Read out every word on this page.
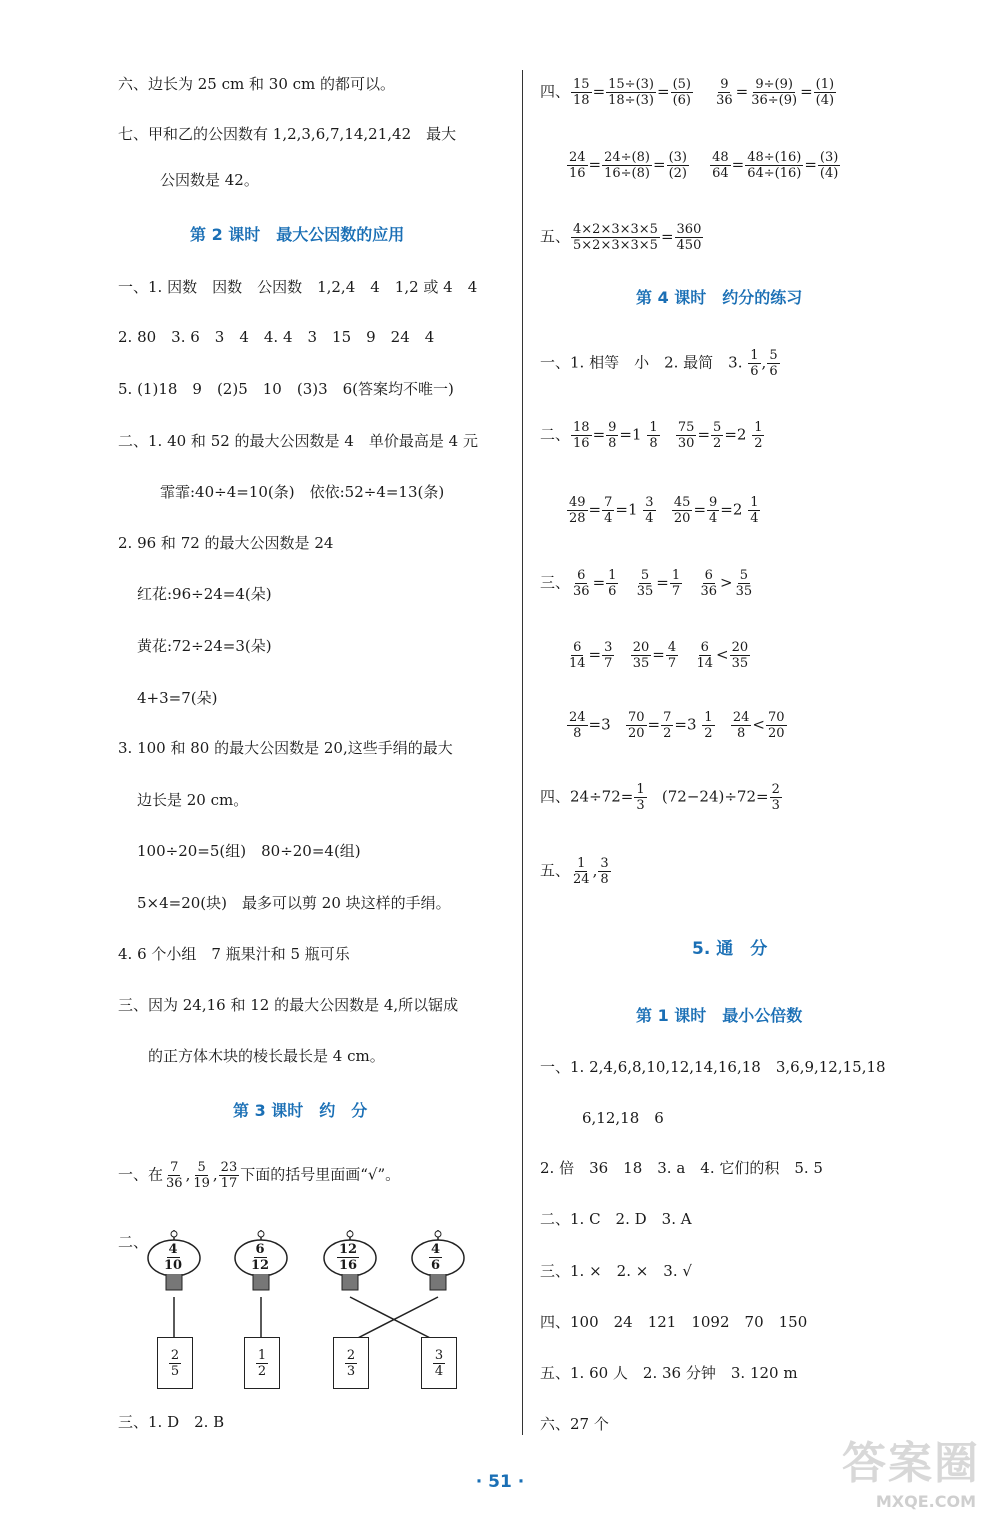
六、边长为 25 cm 和 30 cm 的都可以。
七、甲和乙的公因数有 1,2,3,6,7,14,21,42　最大
公因数是 42。
第 2 课时　最大公因数的应用
一、1. 因数　因数　公因数　1,2,4　4　1,2 或 4　4
2. 80　3. 6　3　4　4. 4　3　15　9　24　4
5. (1)18　9　(2)5　10　(3)3　6(答案均不唯一)
二、1. 40 和 52 的最大公因数是 4　单价最高是 4 元
霏霏:40÷4=10(条)　依依:52÷4=13(条)
2. 96 和 72 的最大公因数是 24
红花:96÷24=4(朵)
黄花:72÷24=3(朵)
4+3=7(朵)
3. 100 和 80 的最大公因数是 20,这些手绢的最大
边长是 20 cm。
100÷20=5(组)　80÷20=4(组)
5×4=20(块)　最多可以剪 20 块这样的手绢。
4. 6 个小组　7 瓶果汁和 5 瓶可乐
三、因为 24,16 和 12 的最大公因数是 4,所以锯成
的正方体木块的棱长最长是 4 cm。
第 3 课时　约　分
一、在 $\frac{7}{36}$ , $\frac{5}{19}$ , $\frac{23}{17}$ 下面的括号里面画“√”。
二、 $\frac{4}{10}$	$\frac{6}{12}$	$\frac{12}{16}$	$\frac{4}{6}$
$\frac{2}{5}$	$\frac{1}{2}$	$\frac{2}{3}$	$\frac{3}{4}$
三、1. D　2. B
四、 $\frac{15}{18} = \frac{15\div(3)}{18\div(3)} = \frac{(5)}{(6)}$
$\frac{9}{36} = \frac{9\div(9)}{36\div(9)} = \frac{(1)}{(4)}$
$\frac{24}{16} = \frac{24\div(8)}{16\div(8)} = \frac{(3)}{(2)}$
$\frac{48}{64} = \frac{48\div(16)}{64\div(16)} = \frac{(3)}{(4)}$
五、 $\frac{4\times 2\times 3\times 3\times 5}{5\times 2\times 3\times 3\times 5} = \frac{360}{450}$
第 4 课时　约分的练习
一、1. 相等　小　2. 最简　3. $\frac{1}{6}$ , $\frac{5}{6}$
二、 $\frac{18}{16} = \frac{9}{8} =1 \frac{1}{8}$
$\frac{75}{30} = \frac{5}{2} =2 \frac{1}{2}$
$\frac{49}{28} = \frac{7}{4} =1 \frac{3}{4}$
$\frac{45}{20} = \frac{9}{4} =2 \frac{1}{4}$
三、 $\frac{6}{36} = \frac{1}{6}$
$\frac{5}{35} = \frac{1}{7}$
$\frac{6}{36} > \frac{5}{35}$
$\frac{6}{14} = \frac{3}{7}$
$\frac{20}{35} = \frac{4}{7}$
$\frac{6}{14} < \frac{20}{35}$
$\frac{24}{8} =3 \frac{70}{20} = \frac{7}{2} =3 \frac{1}{2}$
$\frac{24}{8} < \frac{70}{20}$
四、$24\div 72= \frac{1}{3} (72-24)\div 72= \frac{2}{3}$
五、 $\frac{1}{24}$ , $\frac{3}{8}$
5. 通　分
第 1 课时　最小公倍数
一、1. 2,4,6,8,10,12,14,16,18　3,6,9,12,15,18
6,12,18　6
2. 倍　36　18　3. a　4. 它们的积　5. 5
二、1. C　2. D　3. A
三、1. ×　2. ×　3. √
四、100　24　121　1092　70　150
五、1. 60 人　2. 36 分钟　3. 120 m
六、27 个
· 51 ·	答案圈
MXQE.COM
